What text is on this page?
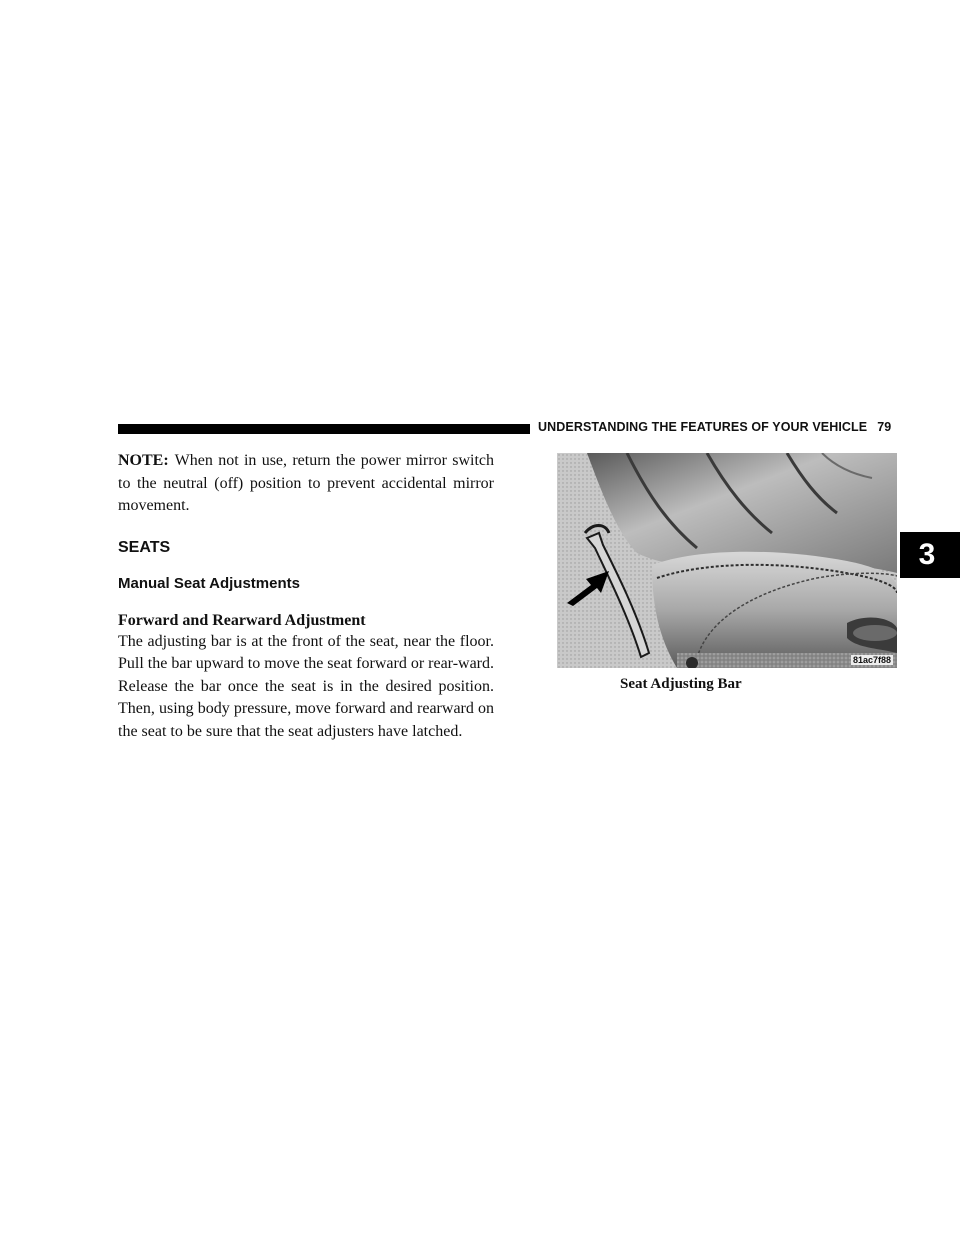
UNDERSTANDING THE FEATURES OF YOUR VEHICLE 79
3

NOTE: When not in use, return the power mirror switch to the neutral (off) position to prevent accidental mirror movement.

SEATS
Manual Seat Adjustments
Forward and Rearward Adjustment

The adjusting bar is at the front of the seat, near the floor. Pull the bar upward to move the seat forward or rear-ward. Release the bar once the seat is in the desired position. Then, using body pressure, move forward and rearward on the seat to be sure that the seat adjusters have latched.

81ac7f88
Seat Adjusting Bar
